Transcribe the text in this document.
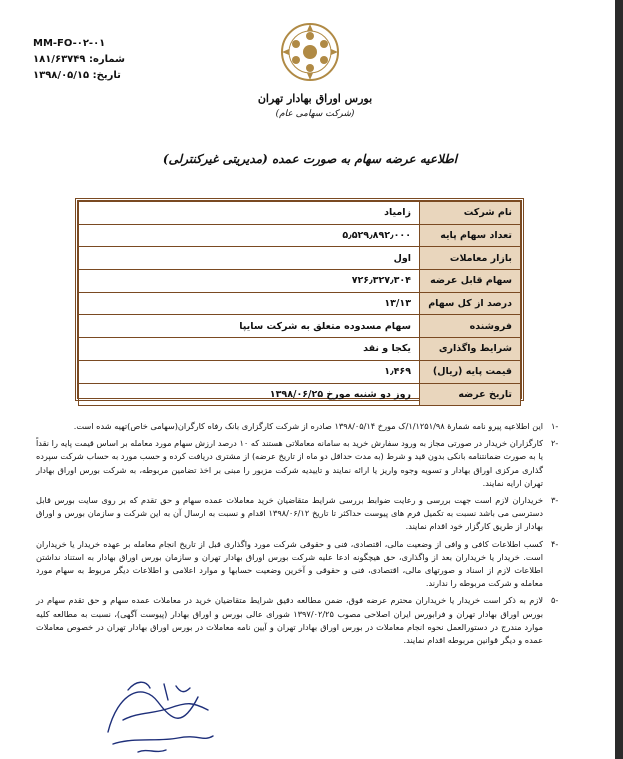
MM-FO-۰۲-۰۱
شماره: ۱۸۱/۶۳۷۴۹
تاریخ: ۱۳۹۸/۰۵/۱۵
بورس اوراق بهادار تهران
(شرکت سهامی عام)
اطلاعیه عرضه سهام به صورت عمده (مدیریتی غیرکنترلی)
نام شرکت	زامیاد
تعداد سهام پایه	۵٫۵۲۹٫۸۹۲٫۰۰۰
بازار معاملات	اول
سهام قابل عرضه	۷۲۶٫۳۲۷٫۳۰۴
درصد از کل سهام	۱۳/۱۳
فروشنده	سهام مسدوده متعلق به شرکت سایپا
شرایط واگذاری	یکجا و نقد
قیمت پایه (ریال)	۱٫۴۶۹
تاریخ عرضه	روز دو شنبه مورخ ۱۳۹۸/۰۶/۲۵
-۱
این اطلاعیه پیرو نامه شمارهٔ ۱/۱۲۵۱/۹۸/ک مورخ ۱۳۹۸/۰۵/۱۴ صادره از شرکت کارگزاری بانک رفاه کارگران(سهامی خاص)تهیه شده است.
-۲
کارگزاران خریدار در صورتی مجاز به ورود سفارش خرید به سامانه معاملاتی هستند که ۱۰ درصد ارزش سهام مورد معامله بر اساس قیمت پایه را نقداً یا به صورت ضمانتنامه بانکی بدون قید و شرط (به مدت حداقل دو ماه از تاریخ عرضه) از مشتری دریافت کرده و حسب مورد به حساب شرکت سپرده گذاری مرکزی اوراق بهادار و تسویه وجوه واریز یا ارائه نمایند و تاییدیه شرکت مزبور را مبنی بر اخذ تضامین مربوطه، به شرکت بورس اوراق بهادار تهران ارایه نمایند.
-۳
خریداران لازم است جهت بررسی و رعایت ضوابط بررسی شرایط متقاضیان خرید معاملات عمده سهام و حق تقدم که بر روی سایت بورس قابل دسترسی می باشد نسبت به تکمیل فرم های پیوست حداکثر تا تاریخ ۱۳۹۸/۰۶/۱۲ اقدام و نسبت به ارسال آن به این شرکت و سازمان بورس و اوراق بهادار از طریق کارگزار خود اقدام نمایند.
-۴
کسب اطلاعات کافی و وافی از وضعیت مالی، اقتصادی، فنی و حقوقی شرکت مورد واگذاری قبل از تاریخ انجام معامله بر عهده خریدار یا خریداران است. خریدار یا خریداران بعد از واگذاری، حق هیچگونه ادعا علیه شرکت بورس اوراق بهادار تهران و سازمان بورس اوراق بهادار به استناد نداشتن اطلاعات لازم از اسناد و صورتهای مالی، اقتصادی، فنی و حقوقی و آخرین وضعیت حسابها و موارد اعلامی و اطلاعات دیگر مربوط به سهام مورد معامله و شرکت مربوطه را ندارند.
-۵
لازم به ذکر است خریدار یا خریداران محترم عرضه فوق، ضمن مطالعه دقیق شرایط متقاضیان خرید در معاملات عمده سهام و حق تقدم سهام در بورس اوراق بهادار تهران و فرابورس ایران اصلاحی مصوب ۱۳۹۷/۰۲/۲۵ شورای عالی بورس و اوراق بهادار (پیوست آگهی)، نسبت به مطالعه کلیه موارد مندرج در دستورالعمل نحوه انجام معاملات در بورس اوراق بهادار تهران و آیین نامه معاملات در بورس اوراق بهادار تهران در خصوص معاملات عمده و دیگر قوانین مربوطه اقدام نمایند.
